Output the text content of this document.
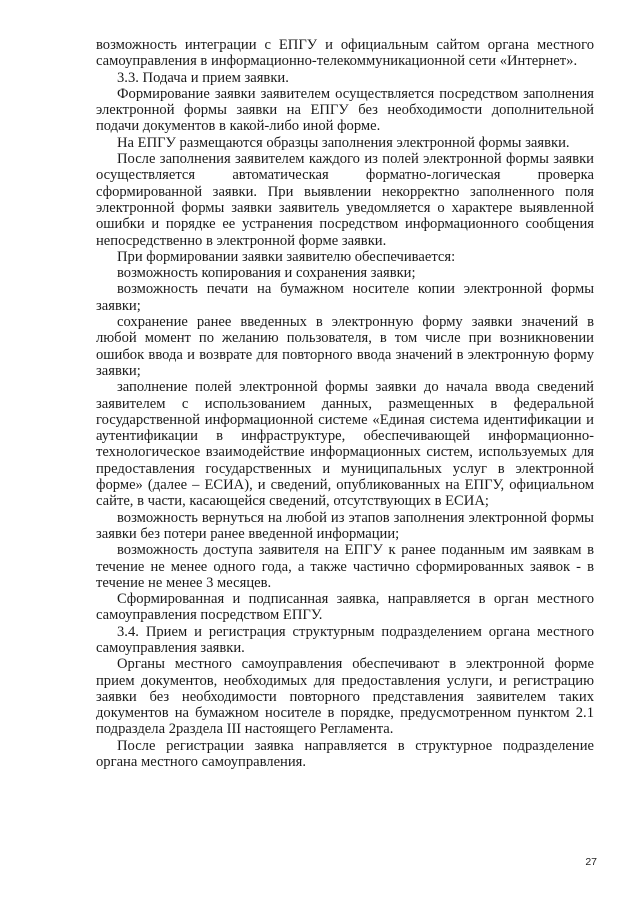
возможность интеграции с ЕПГУ и официальным сайтом органа местного самоуправления в информационно-телекоммуникационной сети «Интернет».

3.3. Подача и прием заявки.

Формирование заявки заявителем осуществляется посредством заполнения электронной формы заявки на ЕПГУ без необходимости дополнительной подачи документов в какой-либо иной форме.

На ЕПГУ размещаются образцы заполнения электронной формы заявки.

После заполнения заявителем каждого из полей электронной формы заявки осуществляется автоматическая форматно-логическая проверка сформированной заявки. При выявлении некорректно заполненного поля электронной формы заявки заявитель уведомляется о характере выявленной ошибки и порядке ее устранения посредством информационного сообщения непосредственно в электронной форме заявки.

При формировании заявки заявителю обеспечивается:

возможность копирования и сохранения заявки;

возможность печати на бумажном носителе копии электронной формы заявки;

сохранение ранее введенных в электронную форму заявки значений в любой момент по желанию пользователя, в том числе при возникновении ошибок ввода и возврате для повторного ввода значений в электронную форму заявки;

заполнение полей электронной формы заявки до начала ввода сведений заявителем с использованием данных, размещенных в федеральной государственной информационной системе «Единая система идентификации и аутентификации в инфраструктуре, обеспечивающей информационно-технологическое взаимодействие информационных систем, используемых для предоставления государственных и муниципальных услуг в электронной форме» (далее – ЕСИА), и сведений, опубликованных на ЕПГУ, официальном сайте, в части, касающейся сведений, отсутствующих в ЕСИА;

возможность вернуться на любой из этапов заполнения электронной формы заявки без потери ранее введенной информации;

возможность доступа заявителя на ЕПГУ к ранее поданным им заявкам в течение не менее одного года, а также частично сформированных заявок - в течение не менее 3 месяцев.

Сформированная и подписанная заявка, направляется в орган местного самоуправления посредством ЕПГУ.

3.4. Прием и регистрация структурным подразделением органа местного самоуправления заявки.

Органы местного самоуправления обеспечивают в электронной форме прием документов, необходимых для предоставления услуги, и регистрацию заявки без необходимости повторного представления заявителем таких документов на бумажном носителе в порядке, предусмотренном пунктом 2.1 подраздела 2раздела III настоящего Регламента.

После регистрации заявка направляется в структурное подразделение органа местного самоуправления.

27
